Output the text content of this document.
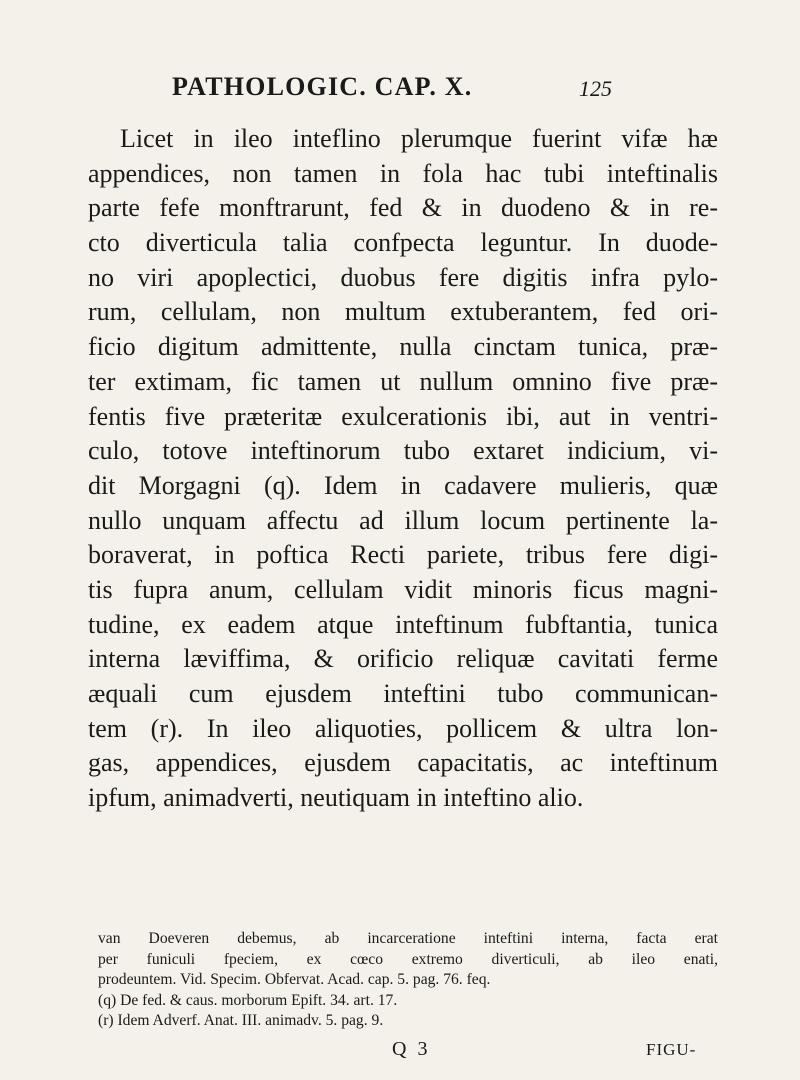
PATHOLOGIC. CAP. X.	125
Licet in ileo inteflino plerumque fuerint vifæ hæ
appendices, non tamen in fola hac tubi inteftinalis
parte fefe monftrarunt, fed & in duodeno & in re-
cto diverticula talia confpecta leguntur. In duode-
no viri apoplectici, duobus fere digitis infra pylo-
rum, cellulam, non multum extuberantem, fed ori-
ficio digitum admittente, nulla cinctam tunica, præ-
ter extimam, fic tamen ut nullum omnino five præ-
fentis five præteritæ exulcerationis ibi, aut in ventri-
culo, totove inteftinorum tubo extaret indicium, vi-
dit Morgagni (q). Idem in cadavere mulieris, quæ
nullo unquam affectu ad illum locum pertinente la-
boraverat, in poftica Recti pariete, tribus fere digi-
tis fupra anum, cellulam vidit minoris ficus magni-
tudine, ex eadem atque inteftinum fubftantia, tunica
interna læviffima, & orificio reliquæ cavitati ferme
æquali cum ejusdem inteftini tubo communican-
tem (r). In ileo aliquoties, pollicem & ultra lon-
gas, appendices, ejusdem capacitatis, ac inteftinum
ipfum, animadverti, neutiquam in inteftino alio.
van Doeveren debemus, ab incarceratione inteftini interna, facta erat
per funiculi fpeciem, ex cœco extremo diverticuli, ab ileo enati,
prodeuntem. Vid. Specim. Obfervat. Acad. cap. 5. pag. 76. feq.
(q) De fed. & caus. morborum Epift. 34. art. 17.
(r) Idem Adverf. Anat. III. animadv. 5. pag. 9.
Q 3	FIGU-
